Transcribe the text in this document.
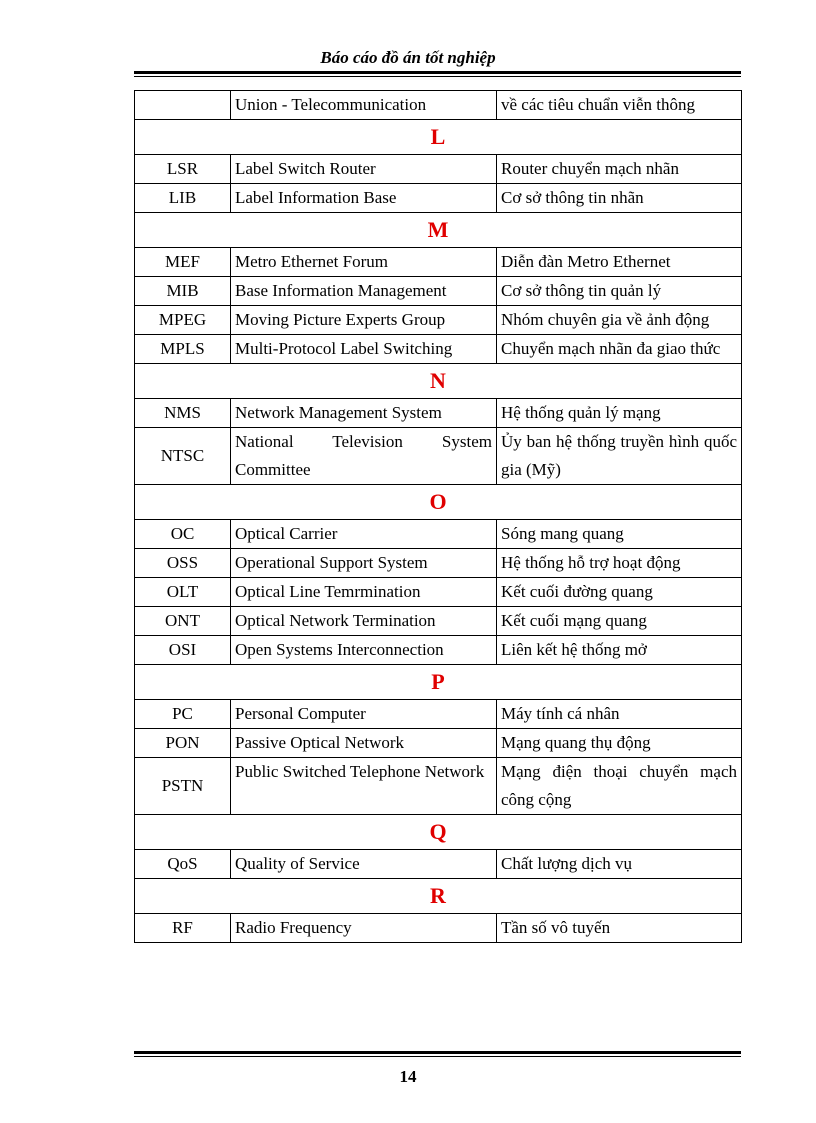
Báo cáo đồ án tốt nghiệp
	Union - Telecommunication	về các tiêu chuẩn viễn thông
L		
LSR	Label Switch Router	Router chuyển mạch nhãn
LIB	Label Information Base	Cơ sở thông tin nhãn
M		
MEF	Metro Ethernet Forum	Diễn đàn Metro Ethernet
MIB	Base Information Management	Cơ sở thông tin quản lý
MPEG	Moving Picture Experts Group	Nhóm chuyên gia về ảnh động
MPLS	Multi-Protocol Label Switching	Chuyển mạch nhãn đa giao thức
N		
NMS	Network Management System	Hệ thống quản lý mạng
NTSC	National Television System Committee	Ủy ban hệ thống truyền hình quốc gia (Mỹ)
O		
OC	Optical Carrier	Sóng mang quang
OSS	Operational Support System	Hệ thống hỗ trợ hoạt động
OLT	Optical Line Temrmination	Kết cuối đường quang
ONT	Optical Network Termination	Kết cuối mạng quang
OSI	Open Systems Interconnection	Liên kết hệ thống mở
P		
PC	Personal Computer	Máy tính cá nhân
PON	Passive Optical Network	Mạng quang thụ động
PSTN	Public Switched Telephone Network	Mạng điện thoại chuyển mạch công cộng
Q		
QoS	Quality of Service	Chất lượng dịch vụ
R		
RF	Radio Frequency	Tần số vô tuyến
14
